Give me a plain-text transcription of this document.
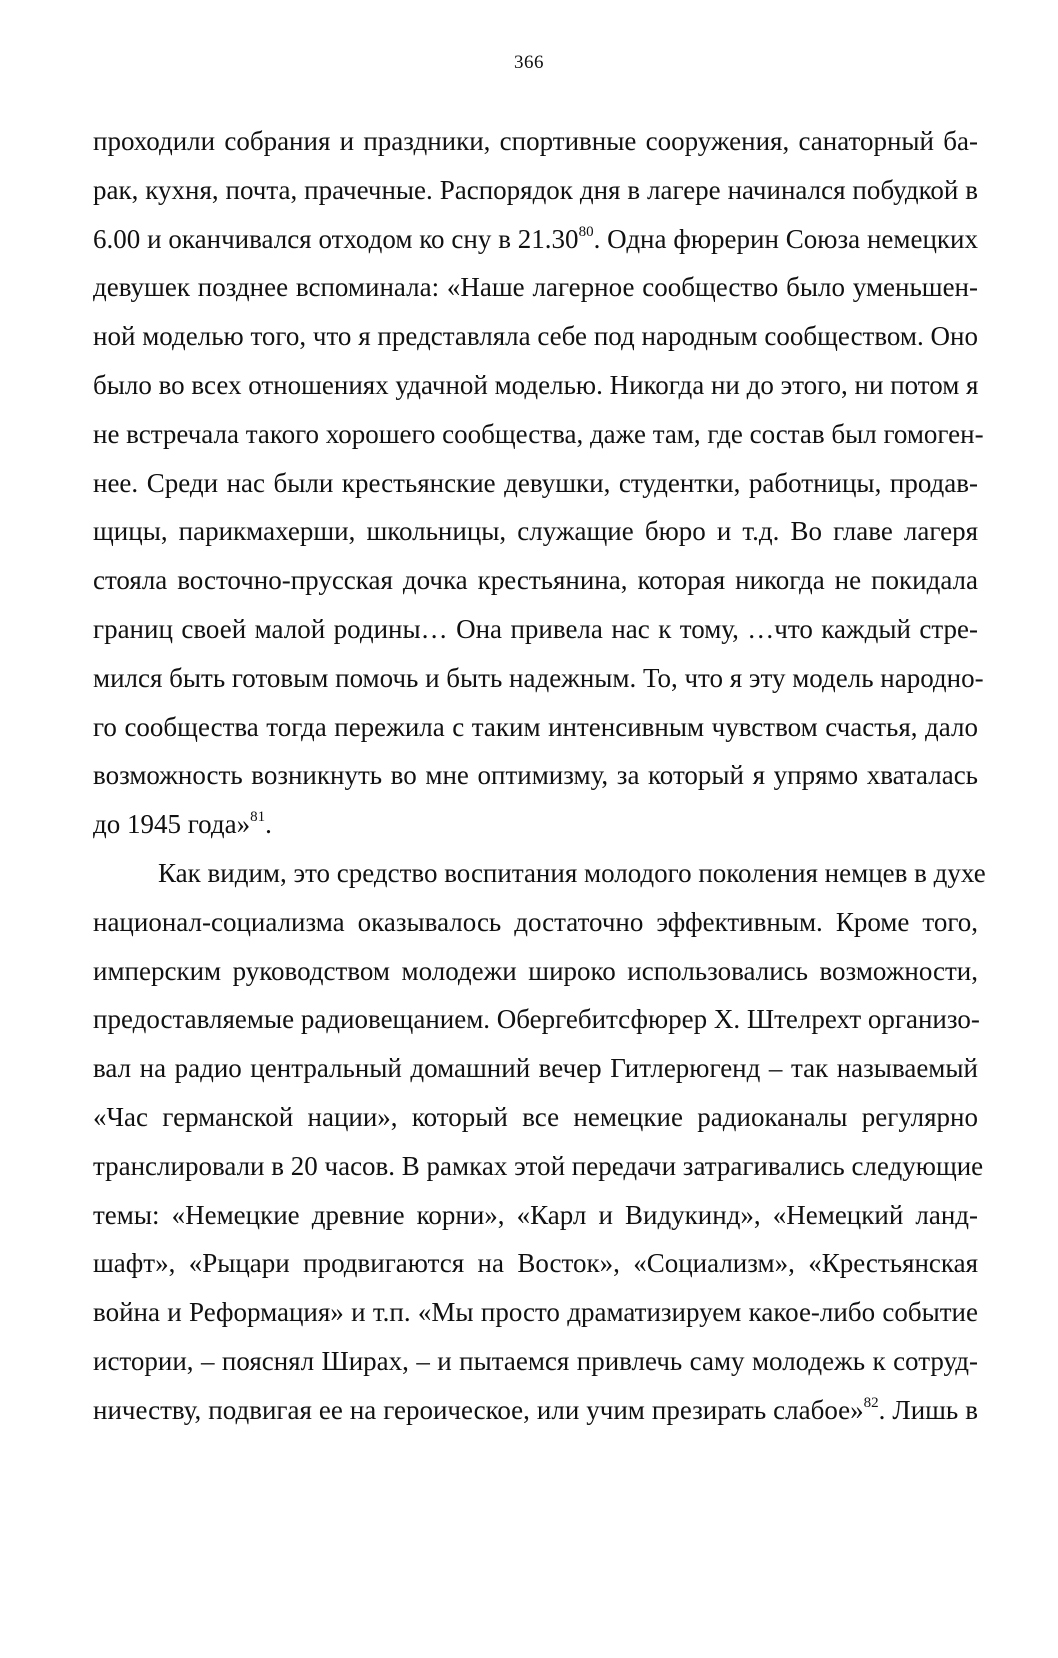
366
проходили собрания и праздники, спортивные сооружения, санаторный ба-
рак, кухня, почта, прачечные. Распорядок дня в лагере начинался побудкой в
6.00 и оканчивался отходом ко сну в 21.30$^{80}$. Одна фюрерин Союза немецких
девушек позднее вспоминала: «Наше лагерное сообщество было уменьшен-
ной моделью того, что я представляла себе под народным сообществом. Оно
было во всех отношениях удачной моделью. Никогда ни до этого, ни потом я
не встречала такого хорошего сообщества, даже там, где состав был гомоген-
нее. Среди нас были крестьянские девушки, студентки, работницы, продав-
щицы, парикмахерши, школьницы, служащие бюро и т.д. Во главе лагеря
стояла восточно-прусская дочка крестьянина, которая никогда не покидала
границ своей малой родины… Она привела нас к тому, …что каждый стре-
мился быть готовым помочь и быть надежным. То, что я эту модель народно-
го сообщества тогда пережила с таким интенсивным чувством счастья, дало
возможность возникнуть во мне оптимизму, за который я упрямо хваталась
до 1945 года»$^{81}$.
Как видим, это средство воспитания молодого поколения немцев в духе
национал-социализма оказывалось достаточно эффективным. Кроме того,
имперским руководством молодежи широко использовались возможности,
предоставляемые радиовещанием. Обергебитсфюрер Х. Штелрехт организо-
вал на радио центральный домашний вечер Гитлерюгенд – так называемый
«Час германской нации», который все немецкие радиоканалы регулярно
транслировали в 20 часов. В рамках этой передачи затрагивались следующие
темы: «Немецкие древние корни», «Карл и Видукинд», «Немецкий ланд-
шафт», «Рыцари продвигаются на Восток», «Социализм», «Крестьянская
война и Реформация» и т.п. «Мы просто драматизируем какое-либо событие
истории, – пояснял Ширах, – и пытаемся привлечь саму молодежь к сотруд-
ничеству, подвигая ее на героическое, или учим презирать слабое»$^{82}$. Лишь в
